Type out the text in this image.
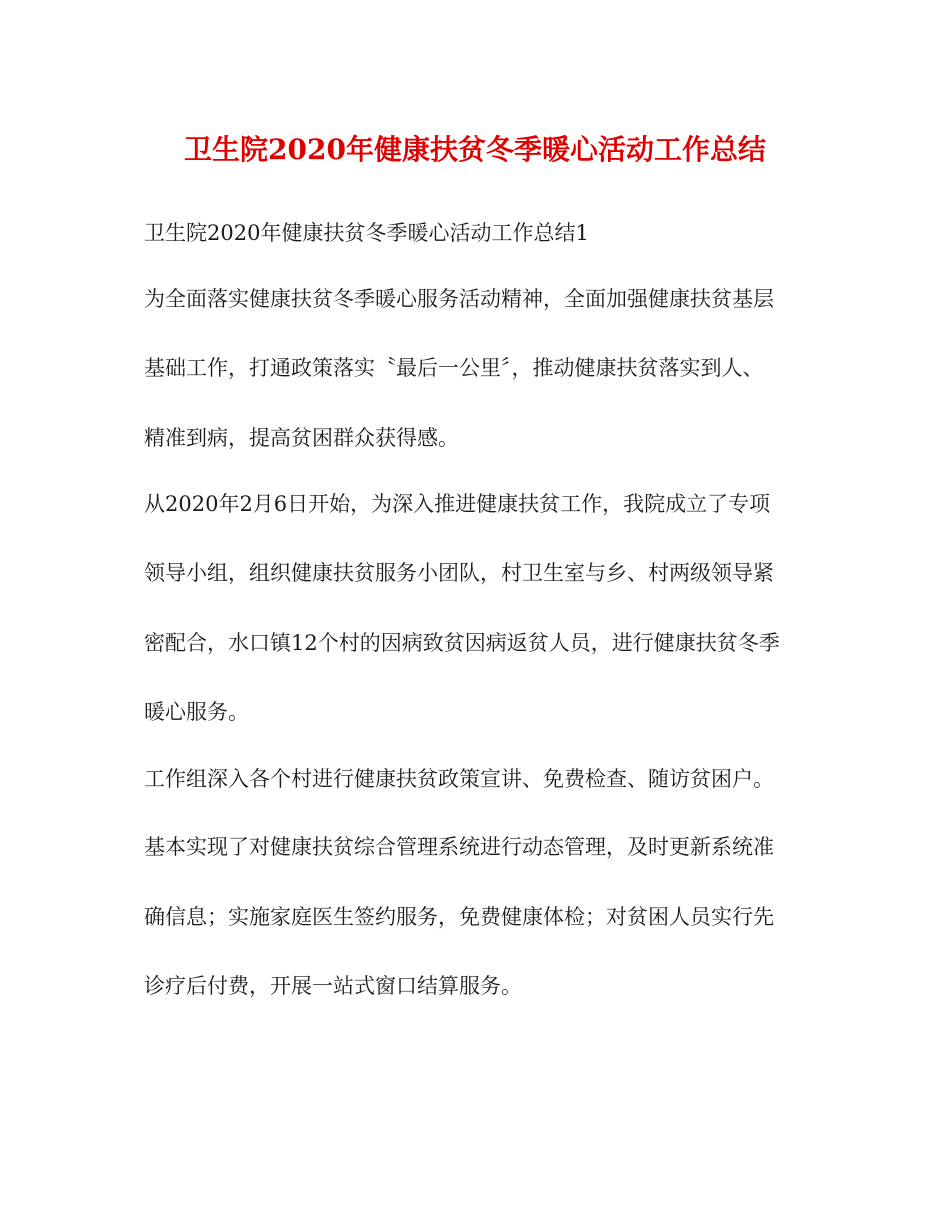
卫生院2020年健康扶贫冬季暖心活动工作总结

卫生院2020年健康扶贫冬季暖心活动工作总结1

为全面落实健康扶贫冬季暖心服务活动精神，全面加强健康扶贫基层

基础工作，打通政策落实〝最后一公里〞，推动健康扶贫落实到人、

精准到病，提高贫困群众获得感。

从2020年2月6日开始，为深入推进健康扶贫工作，我院成立了专项

领导小组，组织健康扶贫服务小团队，村卫生室与乡、村两级领导紧

密配合，水口镇12个村的因病致贫因病返贫人员，进行健康扶贫冬季

暖心服务。

工作组深入各个村进行健康扶贫政策宣讲、免费检查、随访贫困户。

基本实现了对健康扶贫综合管理系统进行动态管理，及时更新系统准

确信息；实施家庭医生签约服务，免费健康体检；对贫困人员实行先

诊疗后付费，开展一站式窗口结算服务。
